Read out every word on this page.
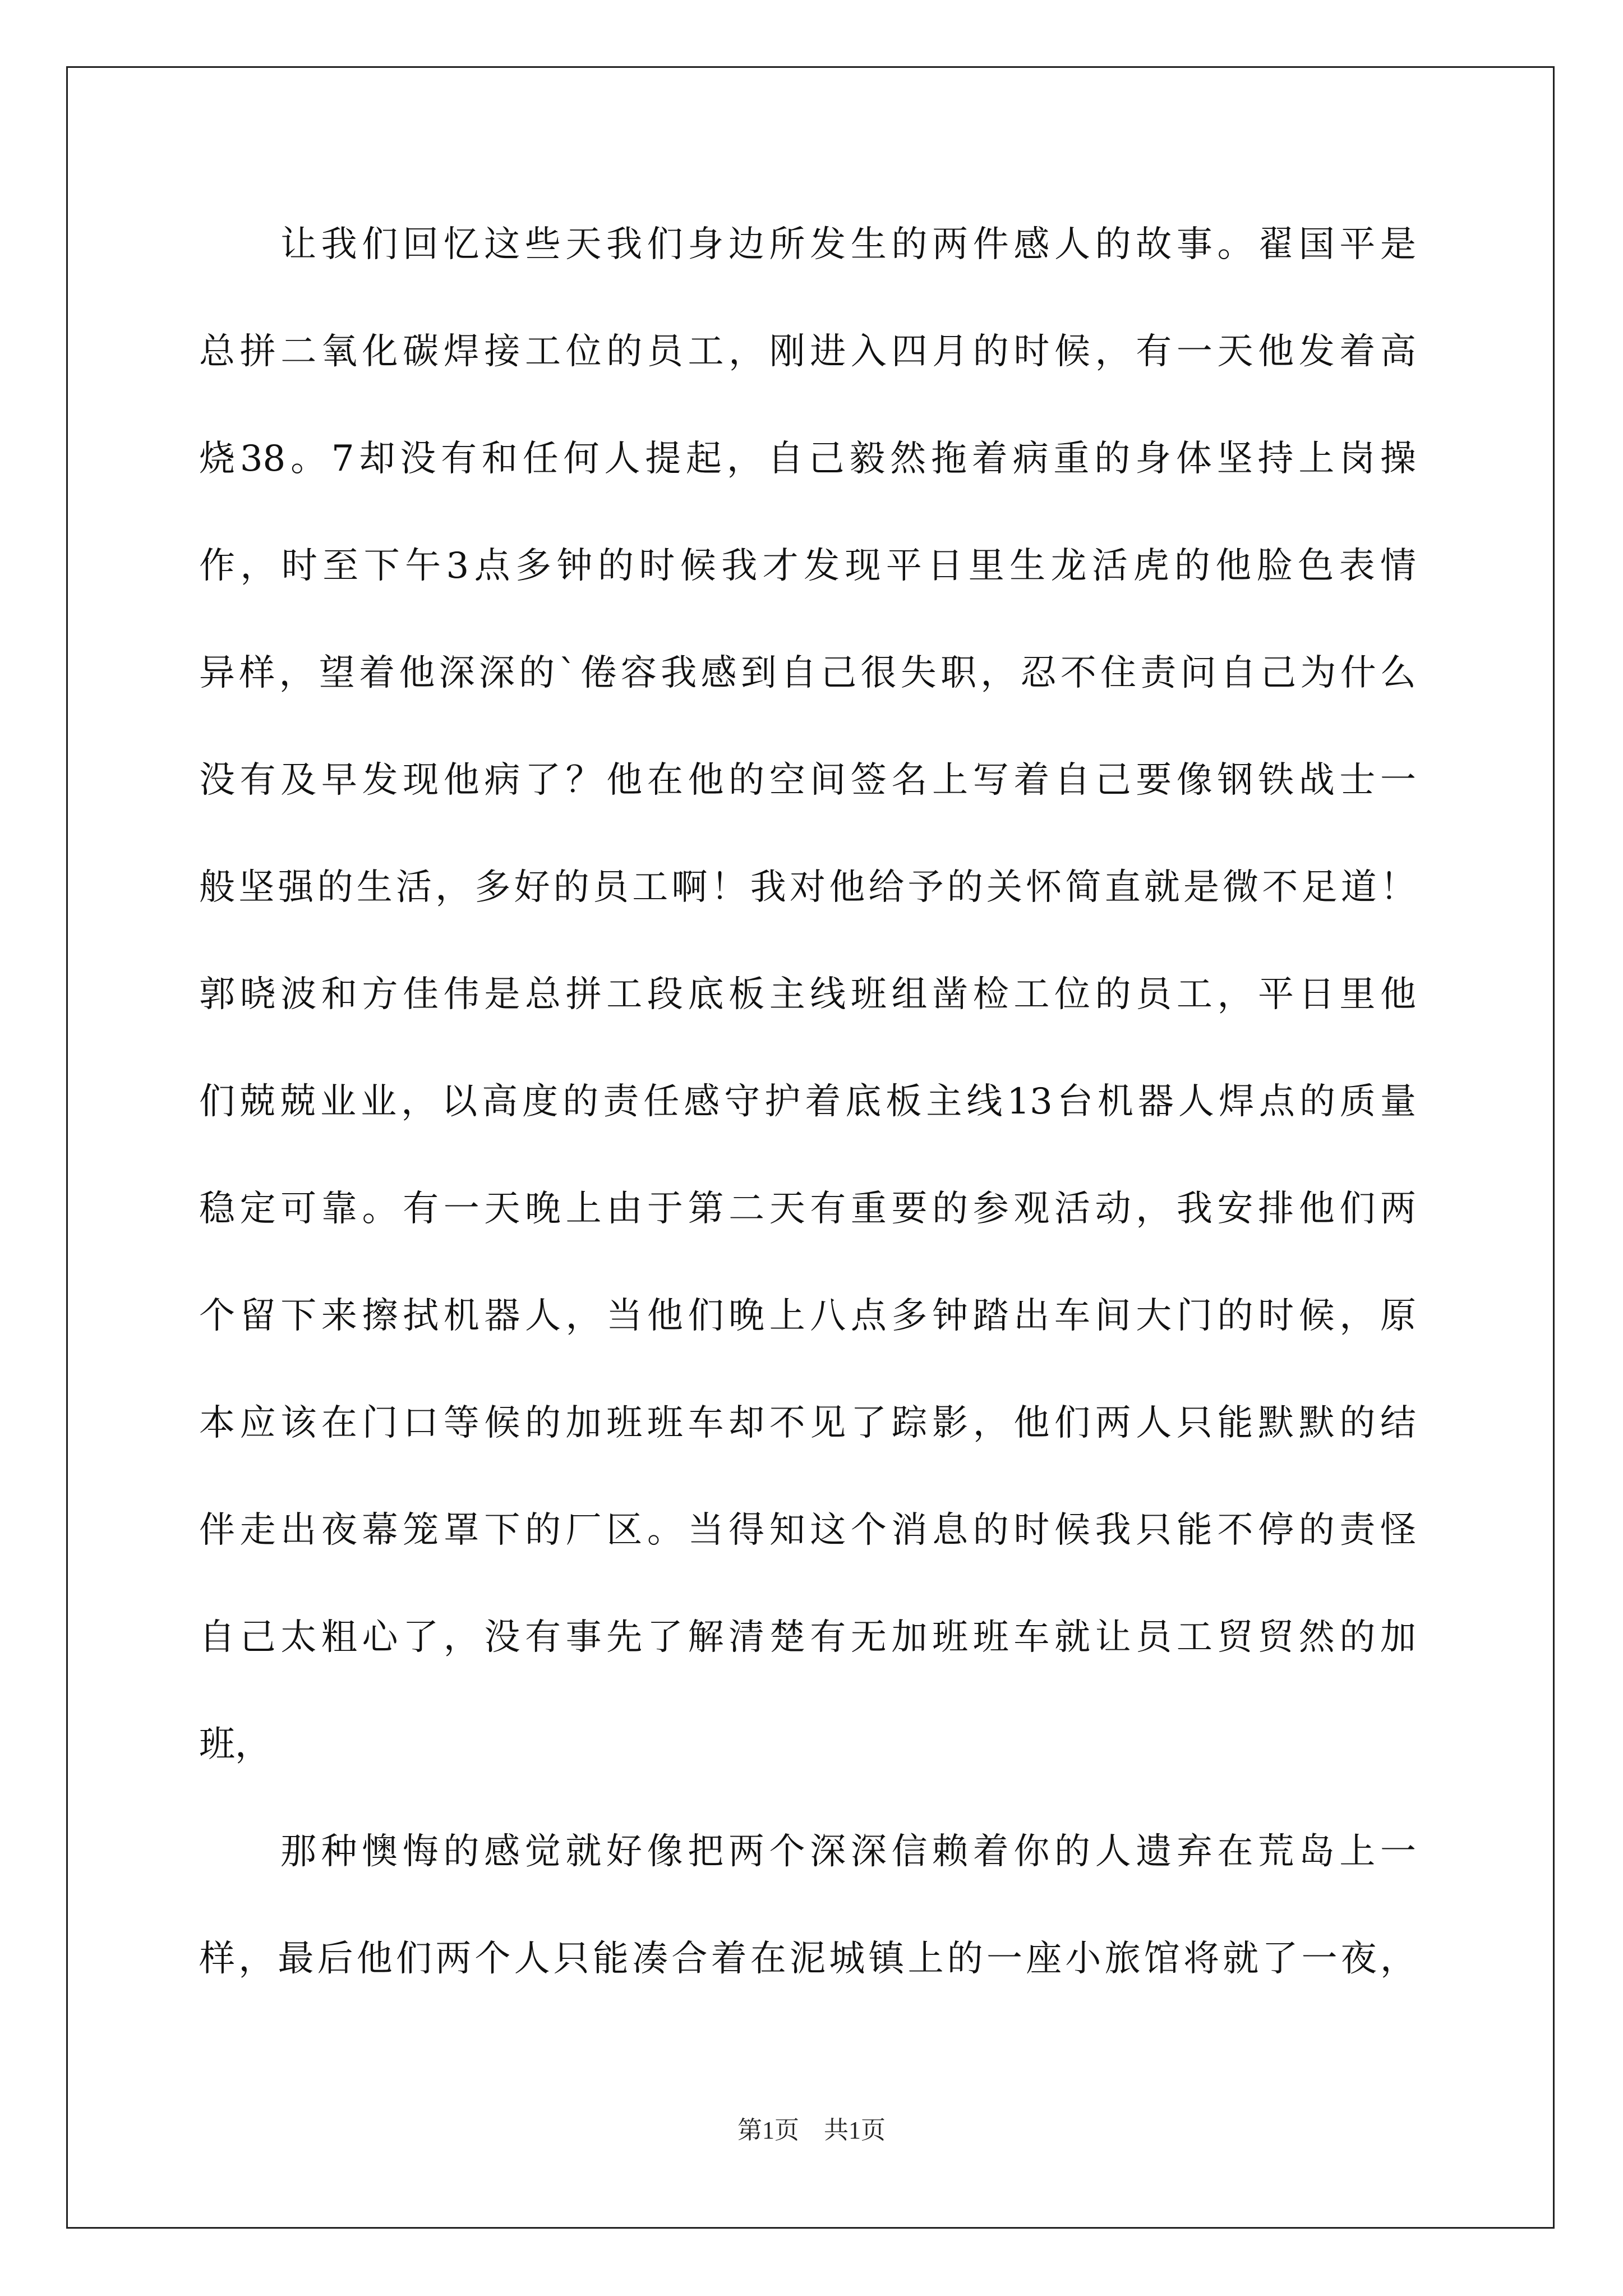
让我们回忆这些天我们身边所发生的两件感人的故事。翟国平是
总拼二氧化碳焊接工位的员工，刚进入四月的时候，有一天他发着高
烧38。7却没有和任何人提起，自己毅然拖着病重的身体坚持上岗操
作，时至下午3点多钟的时候我才发现平日里生龙活虎的他脸色表情
异样，望着他深深的`倦容我感到自己很失职，忍不住责问自己为什么
没有及早发现他病了？他在他的空间签名上写着自己要像钢铁战士一
般坚强的生活，多好的员工啊！我对他给予的关怀简直就是微不足道！
郭晓波和方佳伟是总拼工段底板主线班组凿检工位的员工，平日里他
们兢兢业业，以高度的责任感守护着底板主线13台机器人焊点的质量
稳定可靠。有一天晚上由于第二天有重要的参观活动，我安排他们两
个留下来擦拭机器人，当他们晚上八点多钟踏出车间大门的时候，原
本应该在门口等候的加班班车却不见了踪影，他们两人只能默默的结
伴走出夜幕笼罩下的厂区。当得知这个消息的时候我只能不停的责怪
自己太粗心了，没有事先了解清楚有无加班班车就让员工贸贸然的加
班，
那种懊悔的感觉就好像把两个深深信赖着你的人遗弃在荒岛上一
样，最后他们两个人只能凑合着在泥城镇上的一座小旅馆将就了一夜，
第1页　共1页
